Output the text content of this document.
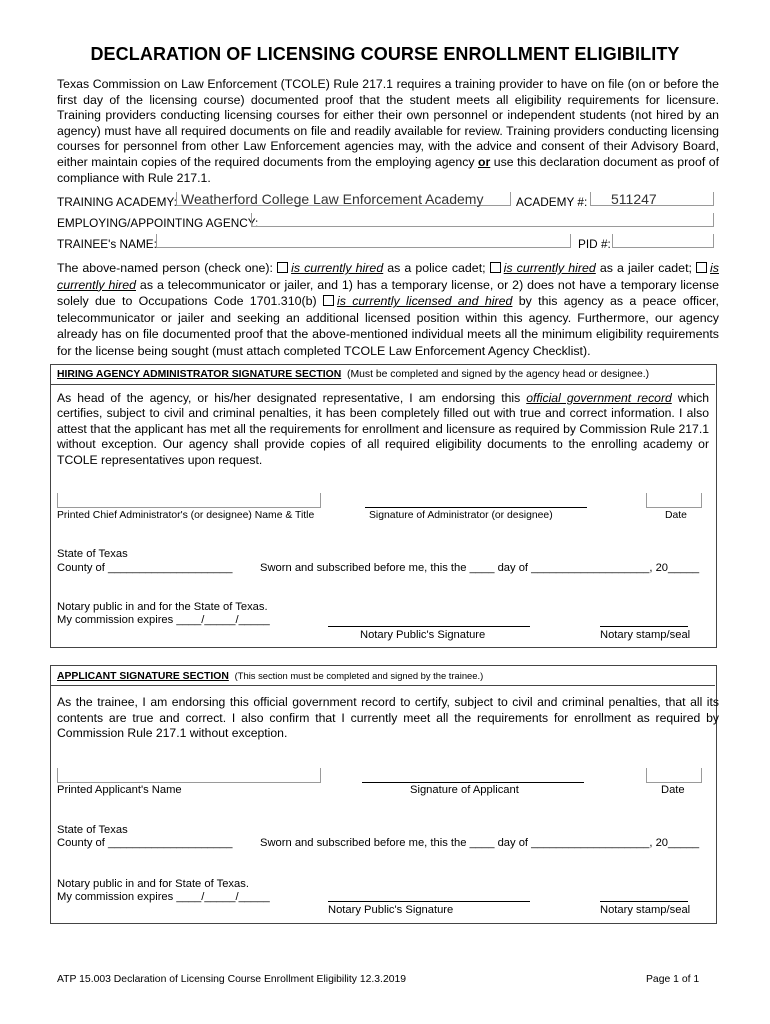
DECLARATION OF LICENSING COURSE ENROLLMENT ELIGIBILITY
Texas Commission on Law Enforcement (TCOLE) Rule 217.1 requires a training provider to have on file (on or before the first day of the licensing course) documented proof that the student meets all eligibility requirements for licensure. Training providers conducting licensing courses for either their own personnel or independent students (not hired by an agency) must have all required documents on file and readily available for review. Training providers conducting licensing courses for personnel from other Law Enforcement agencies may, with the advice and consent of their Advisory Board, either maintain copies of the required documents from the employing agency or use this declaration document as proof of compliance with Rule 217.1.
TRAINING ACADEMY: Weatherford College Law Enforcement Academy	ACADEMY #:	511247
EMPLOYING/APPOINTING AGENCY:
TRAINEE's NAME:	PID #:
The above-named person (check one): is currently hired as a police cadet; is currently hired as a jailer cadet; is currently hired as a telecommunicator or jailer, and 1) has a temporary license, or 2) does not have a temporary license solely due to Occupations Code 1701.310(b) is currently licensed and hired by this agency as a peace officer, telecommunicator or jailer and seeking an additional licensed position within this agency. Furthermore, our agency already has on file documented proof that the above-mentioned individual meets all the minimum eligibility requirements for the license being sought (must attach completed TCOLE Law Enforcement Agency Checklist).
HIRING AGENCY ADMINISTRATOR SIGNATURE SECTION (Must be completed and signed by the agency head or designee.)
As head of the agency, or his/her designated representative, I am endorsing this official government record which certifies, subject to civil and criminal penalties, it has been completely filled out with true and correct information. I also attest that the applicant has met all the requirements for enrollment and licensure as required by Commission Rule 217.1 without exception. Our agency shall provide copies of all required eligibility documents to the enrolling academy or TCOLE representatives upon request.
Printed Chief Administrator's (or designee) Name & Title	Signature of Administrator (or designee)	Date
State of Texas
County of ____________________ Sworn and subscribed before me, this the ____ day of ___________________, 20_____
Notary public in and for the State of Texas.
My commission expires ____/_____/_____
Notary Public's Signature	Notary stamp/seal
APPLICANT SIGNATURE SECTION (This section must be completed and signed by the trainee.)
As the trainee, I am endorsing this official government record to certify, subject to civil and criminal penalties, that all its contents are true and correct. I also confirm that I currently meet all the requirements for enrollment as required by Commission Rule 217.1 without exception.
Printed Applicant's Name	Signature of Applicant	Date
State of Texas
County of ____________________ Sworn and subscribed before me, this the ____ day of ___________________, 20_____
Notary public in and for State of Texas.
My commission expires ____/_____/_____
Notary Public's Signature	Notary stamp/seal
ATP 15.003 Declaration of Licensing Course Enrollment Eligibility 12.3.2019	Page 1 of 1
